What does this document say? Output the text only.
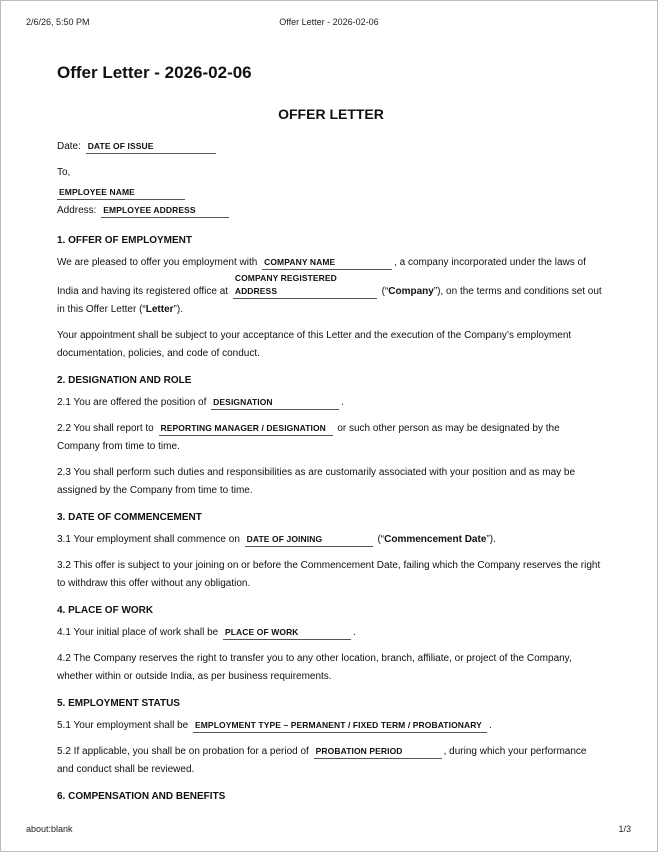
2/6/26, 5:50 PM	Offer Letter - 2026-02-06
Offer Letter - 2026-02-06
OFFER LETTER

Date: DATE OF ISSUE

To,

EMPLOYEE NAME

Address: EMPLOYEE ADDRESS

1. OFFER OF EMPLOYMENT

We are pleased to offer you employment with COMPANY NAME	, a company incorporated under the laws of India and having its registered office at COMPANY REGISTERED ADDRESS	(“Company”), on the terms and conditions set out in this Offer Letter (“Letter”).

Your appointment shall be subject to your acceptance of this Letter and the execution of the Company’s employment documentation, policies, and code of conduct.

2. DESIGNATION AND ROLE

2.1 You are offered the position of DESIGNATION	.

2.2 You shall report to REPORTING MANAGER / DESIGNATION or such other person as may be designated by the Company from time to time.

2.3 You shall perform such duties and responsibilities as are customarily associated with your position and as may be assigned by the Company from time to time.

3. DATE OF COMMENCEMENT

3.1 Your employment shall commence on DATE OF JOINING	(“Commencement Date”).

3.2 This offer is subject to your joining on or before the Commencement Date, failing which the Company reserves the right to withdraw this offer without any obligation.

4. PLACE OF WORK

4.1 Your initial place of work shall be PLACE OF WORK	.

4.2 The Company reserves the right to transfer you to any other location, branch, affiliate, or project of the Company, whether within or outside India, as per business requirements.

5. EMPLOYMENT STATUS

5.1 Your employment shall be EMPLOYMENT TYPE – PERMANENT / FIXED TERM / PROBATIONARY .

5.2 If applicable, you shall be on probation for a period of PROBATION PERIOD	, during which your performance and conduct shall be reviewed.

6. COMPENSATION AND BENEFITS
about:blank	1/3
